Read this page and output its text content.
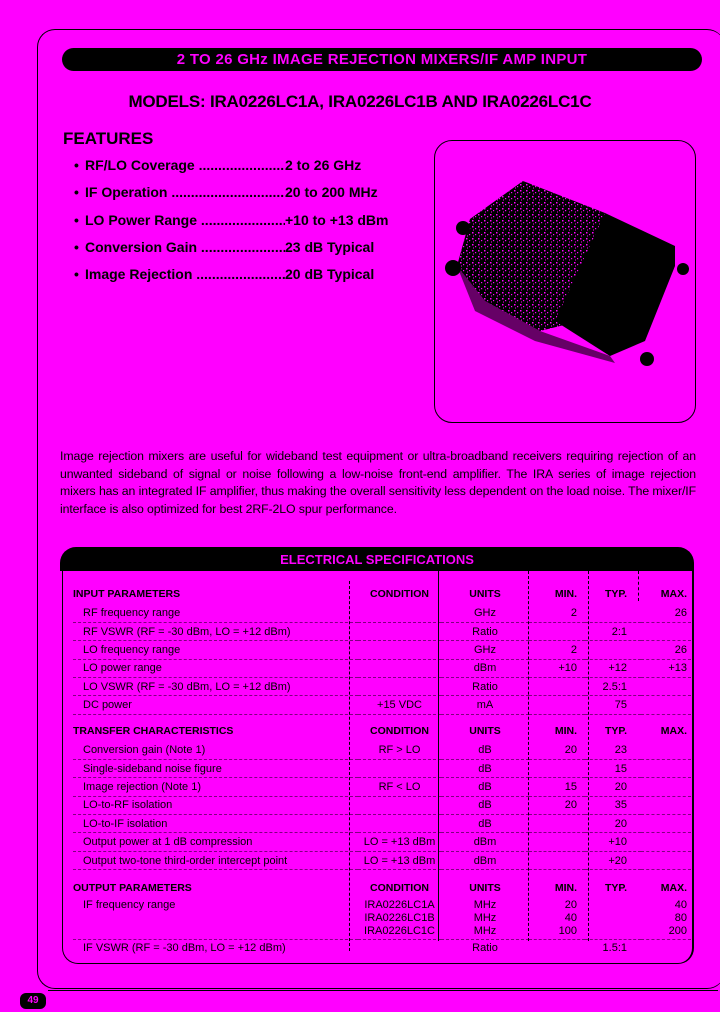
2 TO 26 GHz IMAGE REJECTION MIXERS/IF AMP INPUT
MODELS: IRA0226LC1A, IRA0226LC1B AND IRA0226LC1C
FEATURES
• RF/LO Coverage .....	2 to 26 GHz
• IF Operation .....	20 to 200 MHz
• LO Power Range .....	+10 to +13 dBm
• Conversion Gain .....	23 dB Typical
• Image Rejection .....	20 dB Typical

Image rejection mixers are useful for wideband test equipment or ultra-broadband receivers requiring rejection of an unwanted sideband of signal or noise following a low-noise front-end amplifier. The IRA series of image rejection mixers has an integrated IF amplifier, thus making the overall sensitivity less dependent on the load noise. The mixer/IF interface is also optimized for best 2RF-2LO spur performance.

ELECTRICAL SPECIFICATIONS
INPUT PARAMETERS	CONDITION	UNITS	MIN.	TYP.	MAX.
RF frequency range		GHz	2		26
RF VSWR (RF = -30 dBm, LO = +12 dBm)		Ratio		2:1	
LO frequency range		GHz	2		26
LO power range		dBm	+10	+12	+13
LO VSWR (RF = -30 dBm, LO = +12 dBm)		Ratio		2.5:1	
DC power	+15 VDC	mA		75	
TRANSFER CHARACTERISTICS	CONDITION	UNITS	MIN.	TYP.	MAX.
Conversion gain (Note 1)	RF > LO	dB	20	23	
Single-sideband noise figure		dB		15	
Image rejection (Note 1)	RF < LO	dB	15	20	
LO-to-RF isolation		dB	20	35	
LO-to-IF isolation		dB		20	
Output power at 1 dB compression	LO = +13 dBm	dBm		+10	
Output two-tone third-order intercept point	LO = +13 dBm	dBm		+20	
OUTPUT PARAMETERS	CONDITION	UNITS	MIN.	TYP.	MAX.
IF frequency range	IRA0226LC1A	MHz	20		40
	IRA0226LC1B	MHz	40		80
	IRA0226LC1C	MHz	100		200
IF VSWR (RF = -30 dBm, LO = +12 dBm)		Ratio		1.5:1	
49
